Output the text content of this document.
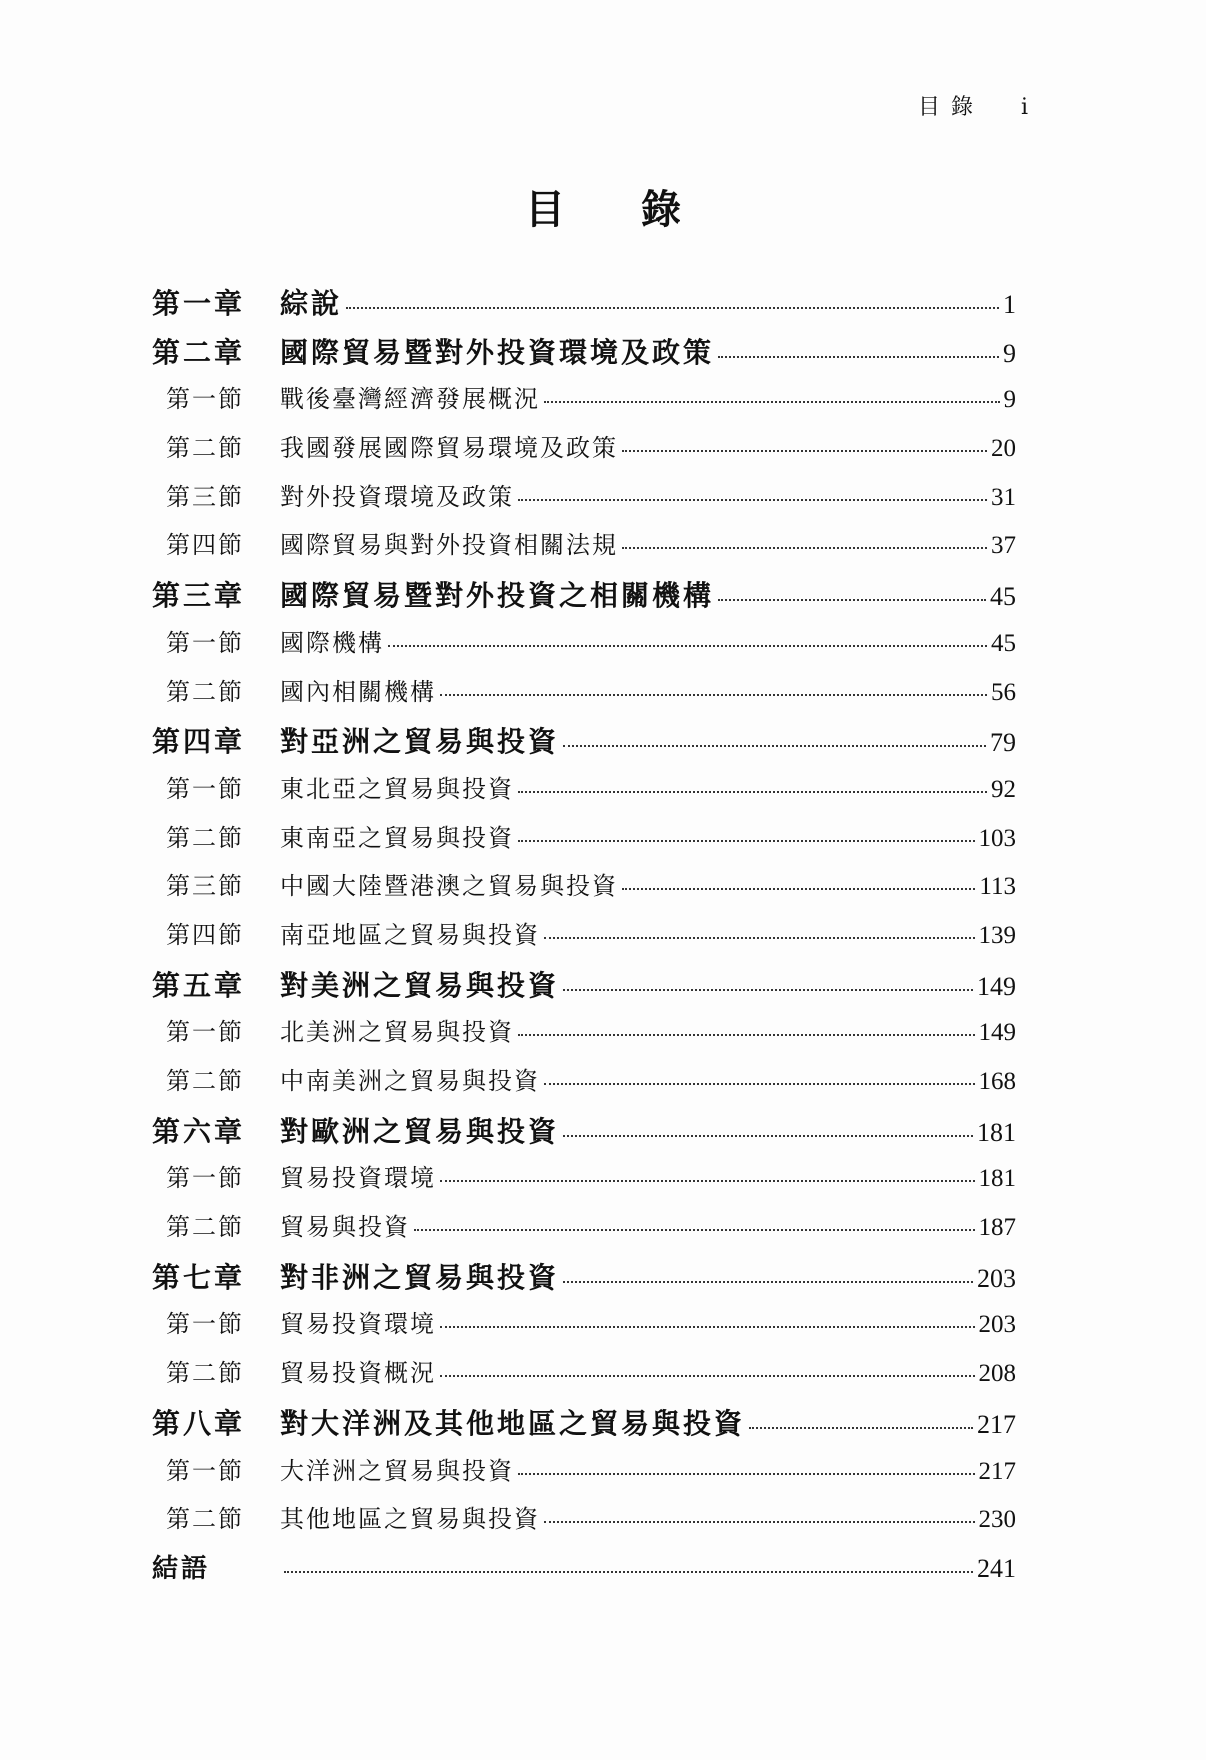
目 錄 i
目 錄
第一章	綜說	1
第二章	國際貿易暨對外投資環境及政策	9
第一節	戰後臺灣經濟發展概況	9
第二節	我國發展國際貿易環境及政策	20
第三節	對外投資環境及政策	31
第四節	國際貿易與對外投資相關法規	37
第三章	國際貿易暨對外投資之相關機構	45
第一節	國際機構	45
第二節	國內相關機構	56
第四章	對亞洲之貿易與投資	79
第一節	東北亞之貿易與投資	92
第二節	東南亞之貿易與投資	103
第三節	中國大陸暨港澳之貿易與投資	113
第四節	南亞地區之貿易與投資	139
第五章	對美洲之貿易與投資	149
第一節	北美洲之貿易與投資	149
第二節	中南美洲之貿易與投資	168
第六章	對歐洲之貿易與投資	181
第一節	貿易投資環境	181
第二節	貿易與投資	187
第七章	對非洲之貿易與投資	203
第一節	貿易投資環境	203
第二節	貿易投資概況	208
第八章	對大洋洲及其他地區之貿易與投資	217
第一節	大洋洲之貿易與投資	217
第二節	其他地區之貿易與投資	230
結語	241
